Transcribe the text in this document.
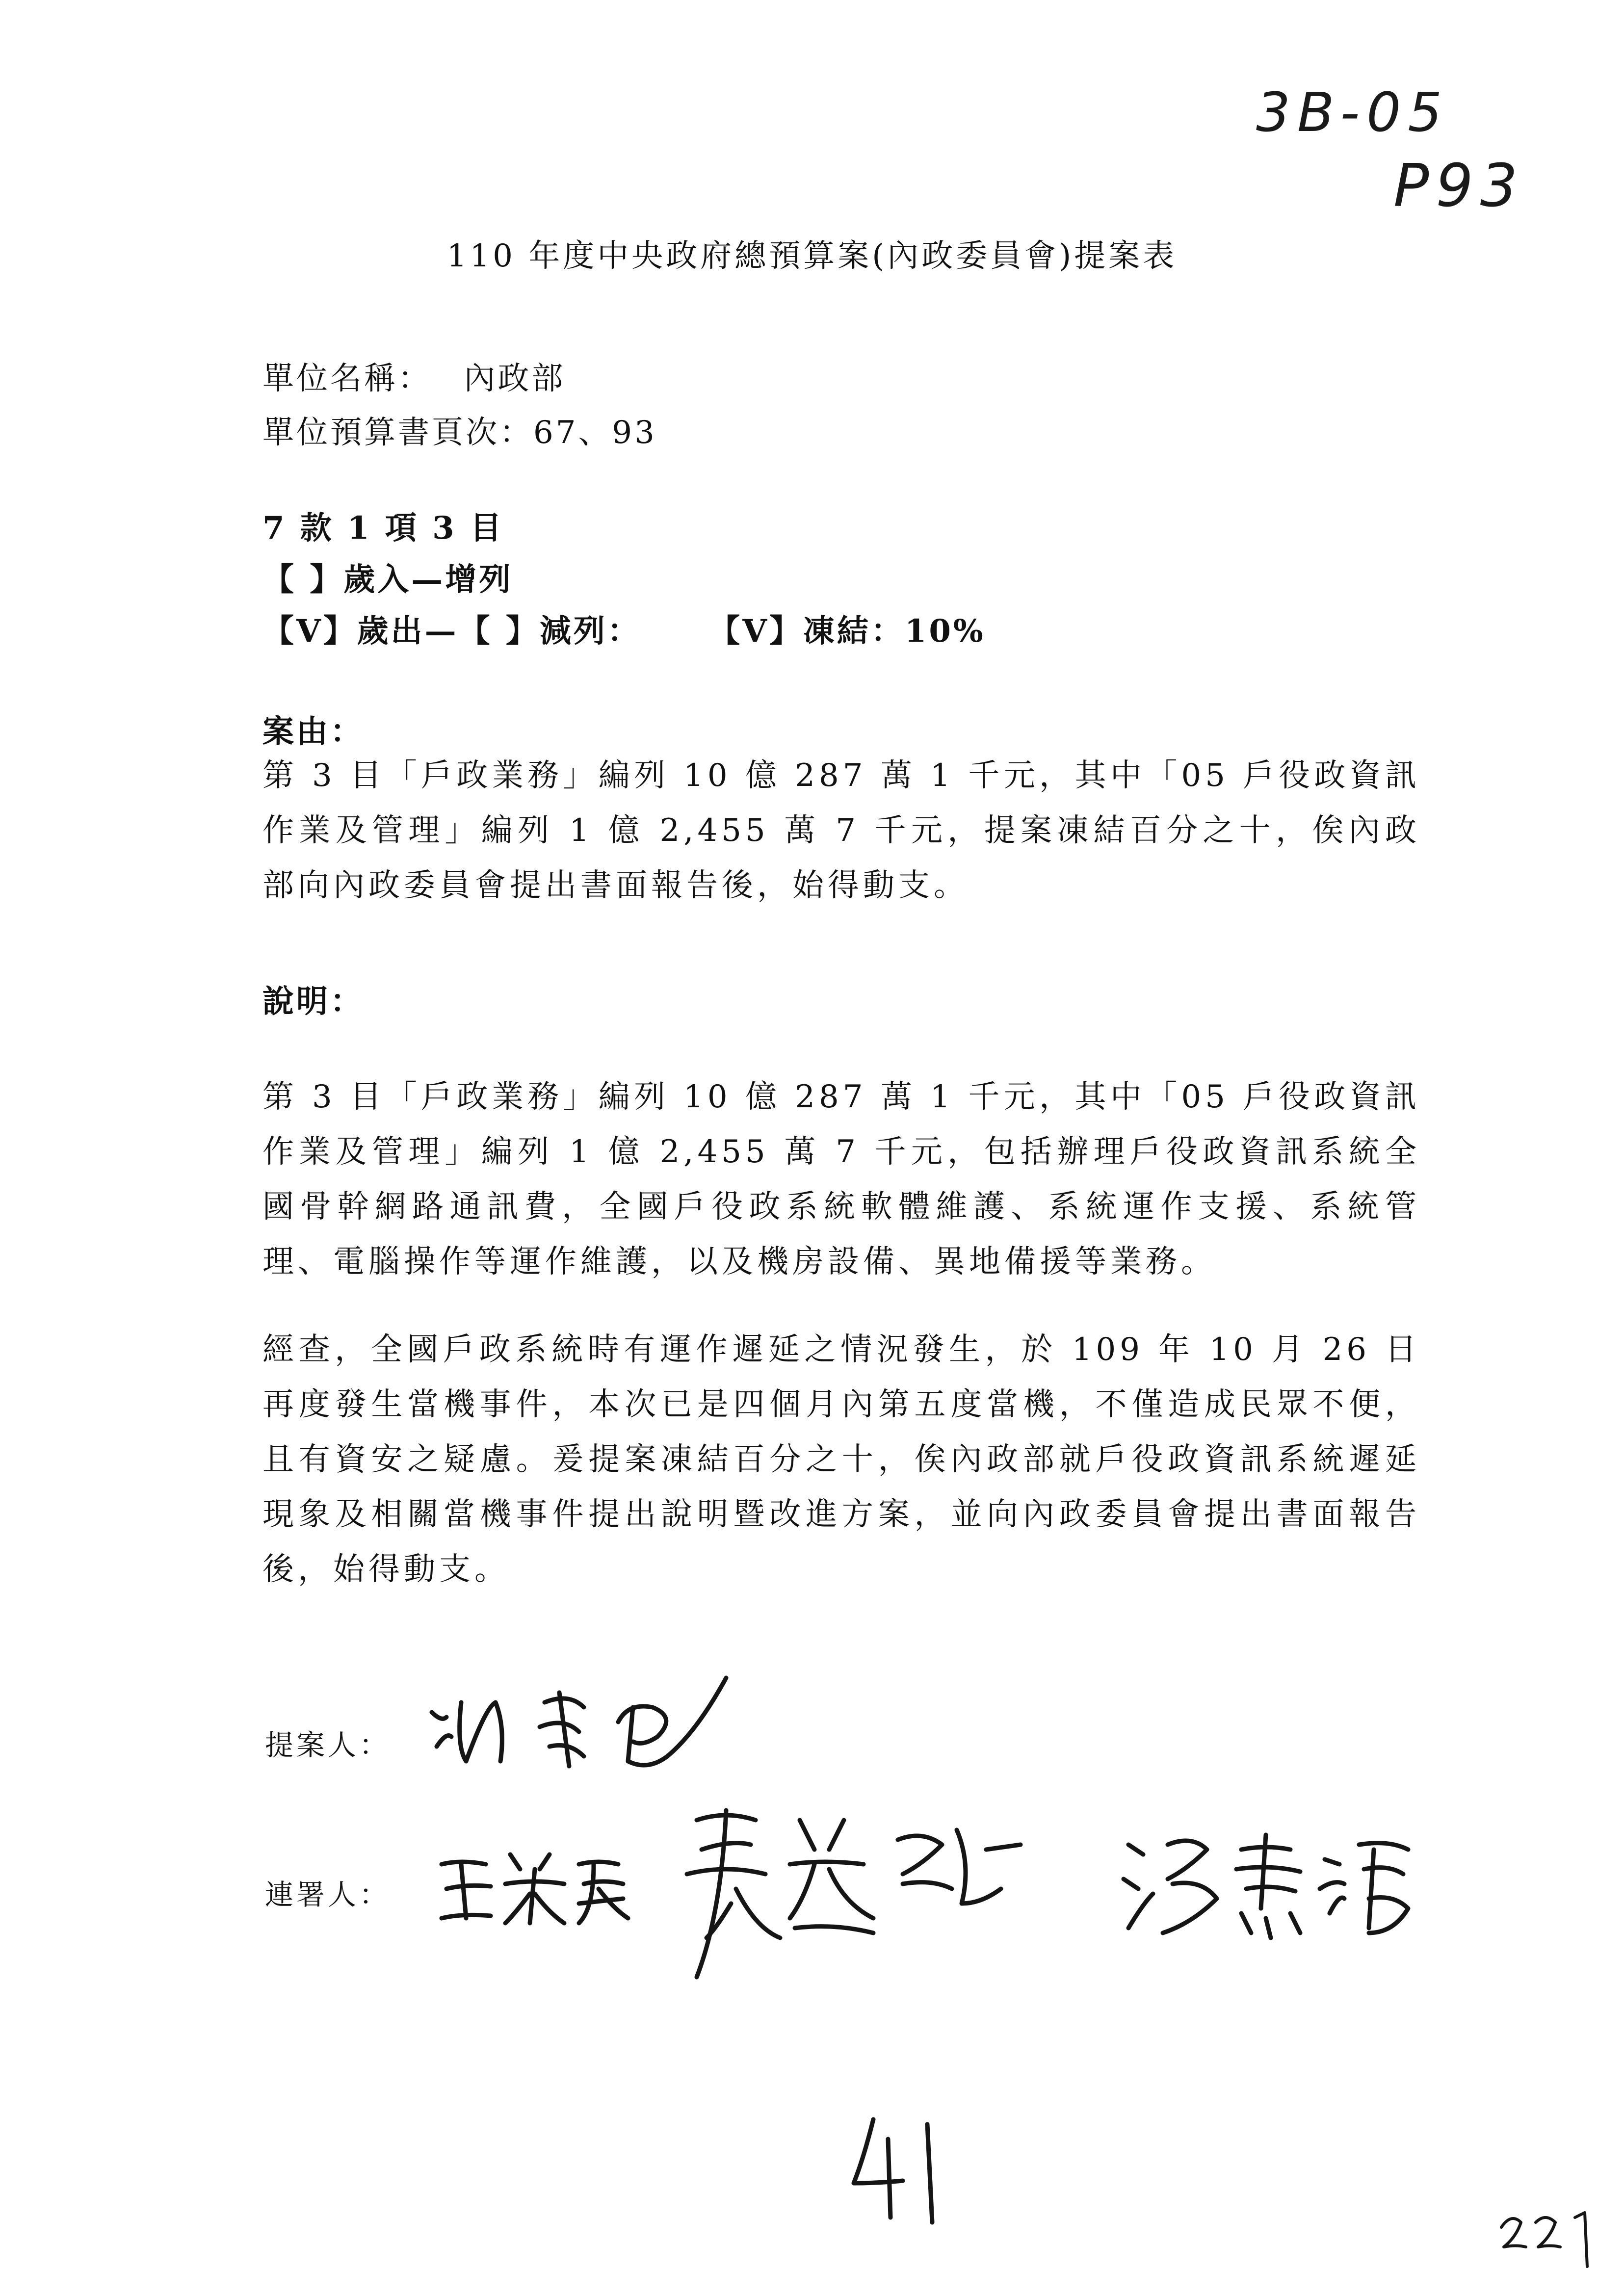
3B-05
P93
110 年度中央政府總預算案(內政委員會)提案表
單位名稱： 內政部
單位預算書頁次：67、93
7 款 1 項 3 目
【 】歲入—增列
【V】歲出—【 】減列： 【V】凍結：10%
案由：
第 3 目「戶政業務」編列 10 億 287 萬 1 千元，其中「05 戶役政資訊作業及管理」編列 1 億 2,455 萬 7 千元，提案凍結百分之十，俟內政部向內政委員會提出書面報告後，始得動支。
說明：
第 3 目「戶政業務」編列 10 億 287 萬 1 千元，其中「05 戶役政資訊作業及管理」編列 1 億 2,455 萬 7 千元，包括辦理戶役政資訊系統全國骨幹網路通訊費，全國戶役政系統軟體維護、系統運作支援、系統管理、電腦操作等運作維護，以及機房設備、異地備援等業務。
經查，全國戶政系統時有運作遲延之情況發生，於 109 年 10 月 26 日再度發生當機事件，本次已是四個月內第五度當機，不僅造成民眾不便，且有資安之疑慮。爰提案凍結百分之十，俟內政部就戶役政資訊系統遲延現象及相關當機事件提出說明暨改進方案，並向內政委員會提出書面報告後，始得動支。
提案人：
連署人：
